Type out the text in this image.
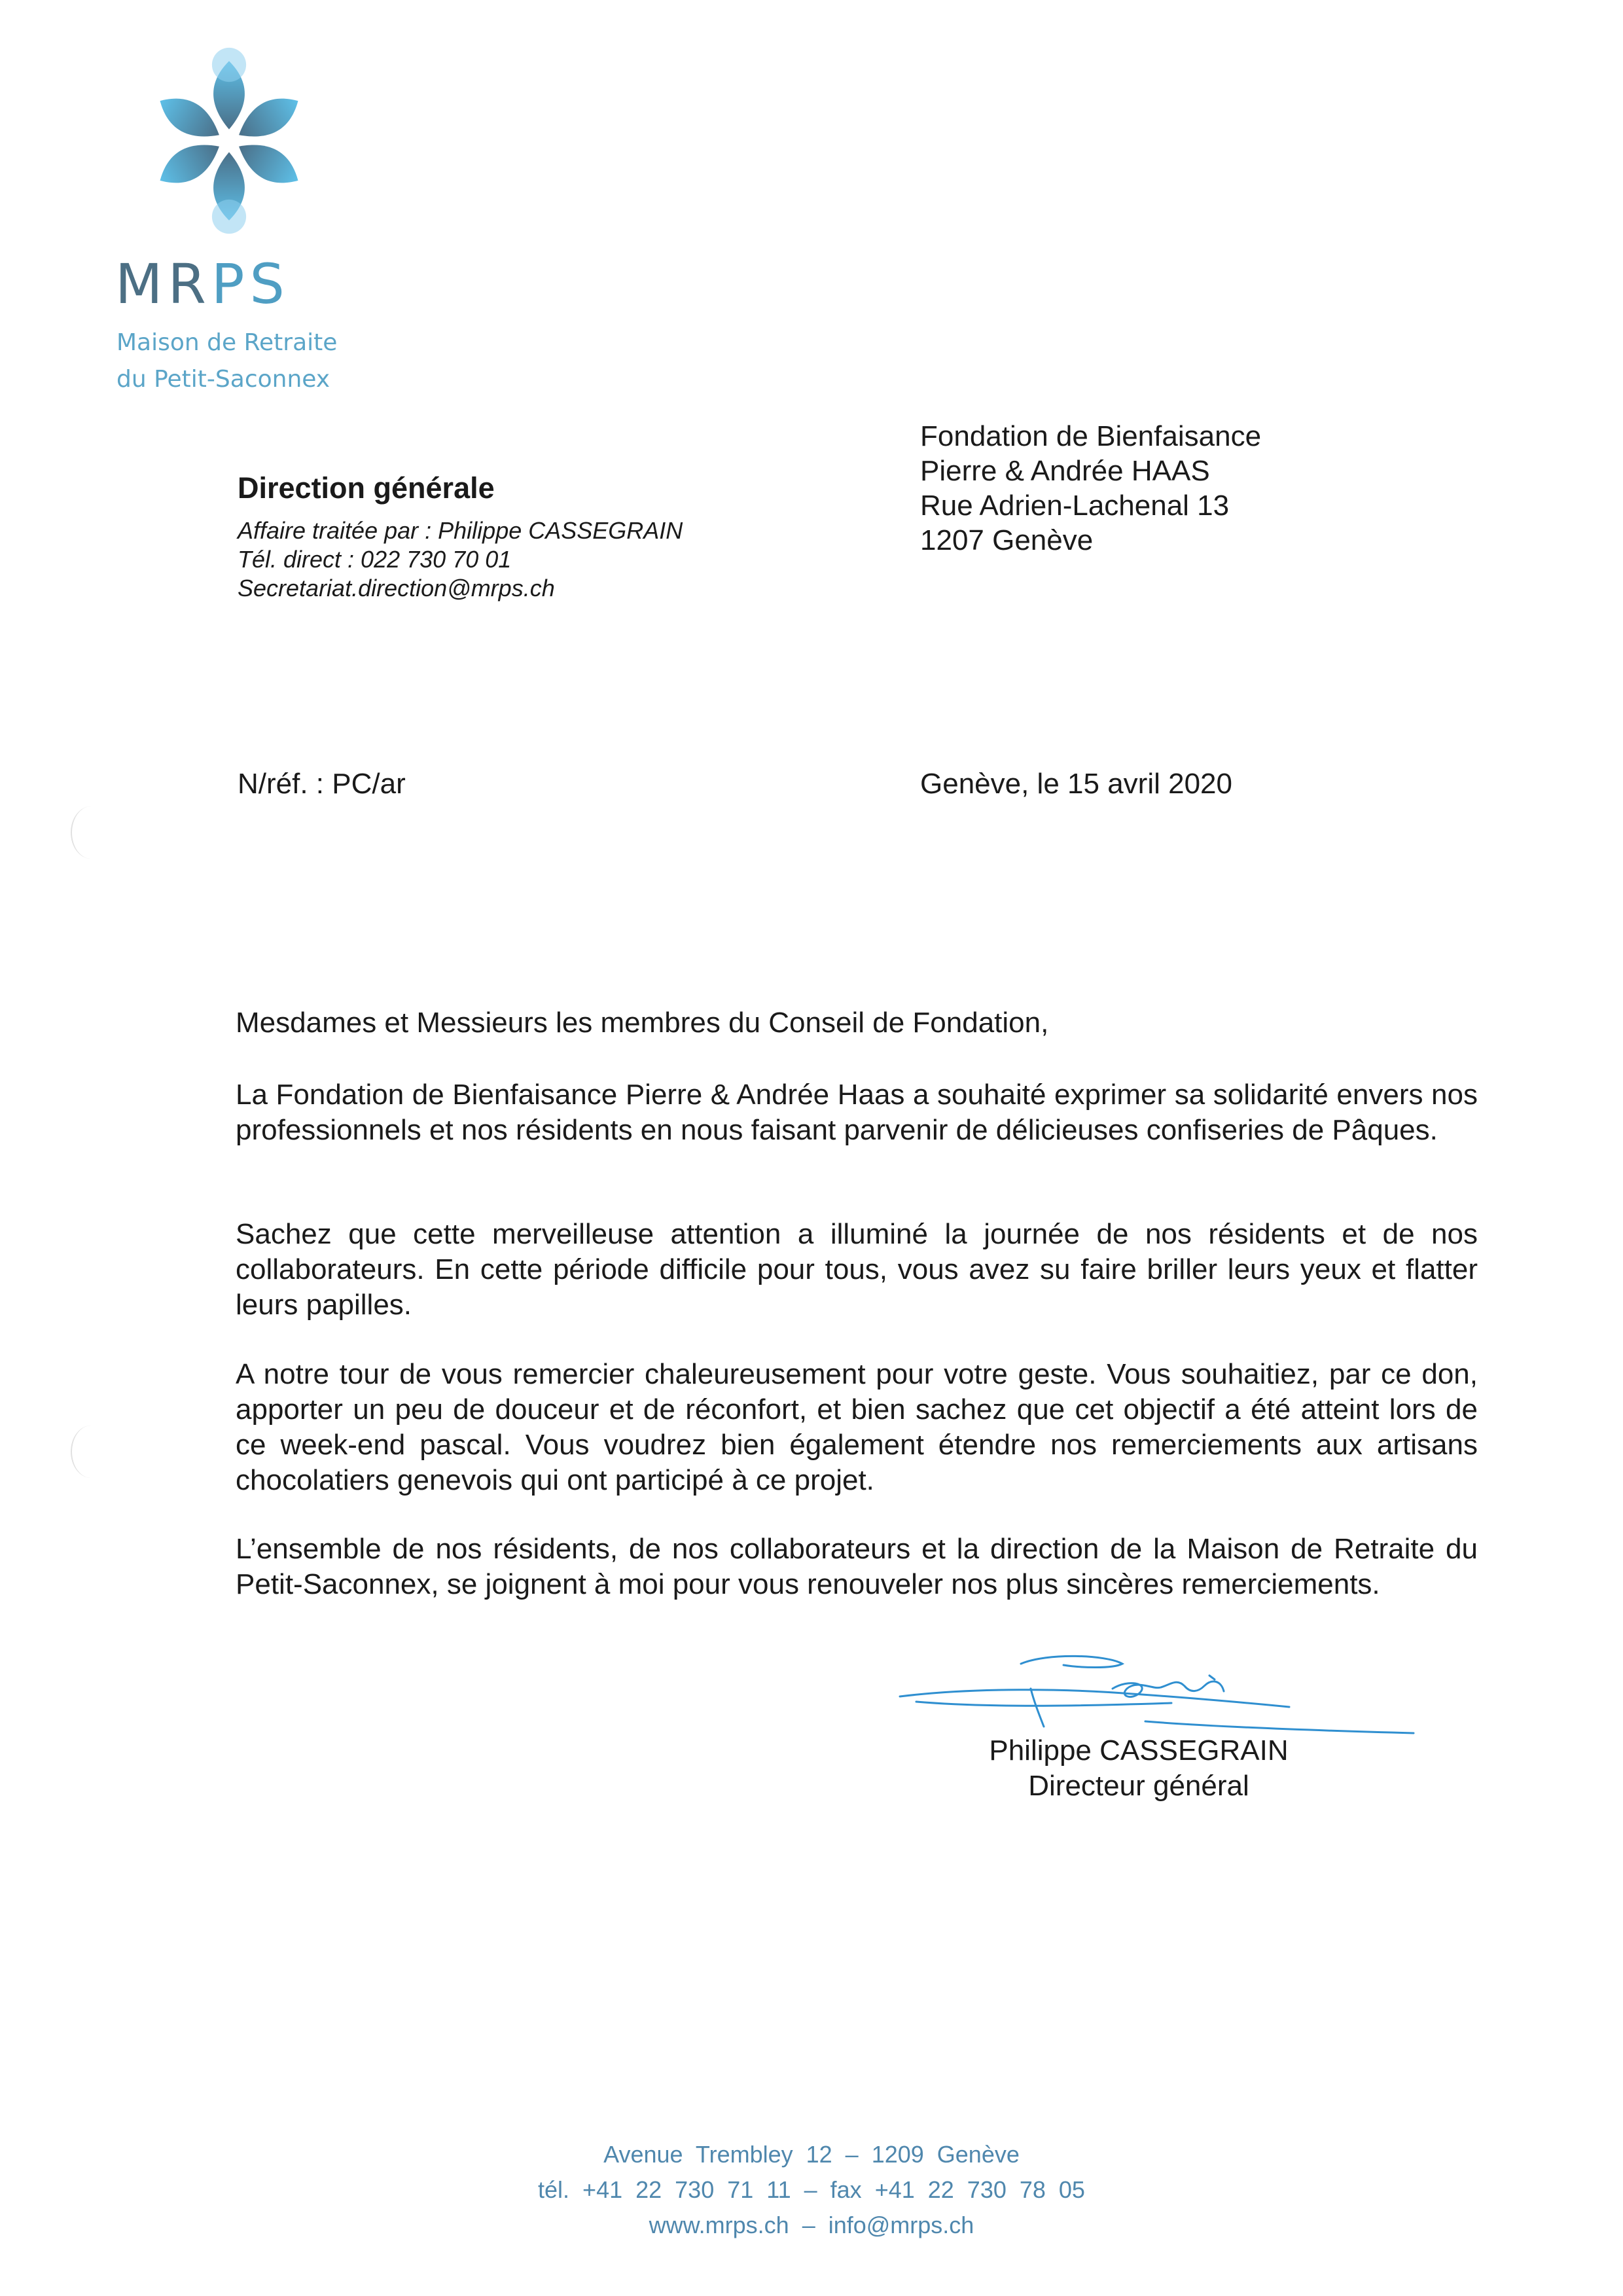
MRPS
Maison de Retraite
du Petit-Saconnex
Direction générale
Affaire traitée par : Philippe CASSEGRAIN
Tél. direct : 022 730 70 01
Secretariat.direction@mrps.ch
Fondation de Bienfaisance
Pierre & Andrée HAAS
Rue Adrien-Lachenal 13
1207 Genève
N/réf. : PC/ar	Genève, le 15 avril 2020
Mesdames et Messieurs les membres du Conseil de Fondation,
La Fondation de Bienfaisance Pierre & Andrée Haas a souhaité exprimer sa solidarité envers nos professionnels et nos résidents en nous faisant parvenir de délicieuses confiseries de Pâques.
Sachez que cette merveilleuse attention a illuminé la journée de nos résidents et de nos collaborateurs. En cette période difficile pour tous, vous avez su faire briller leurs yeux et flatter leurs papilles.
A notre tour de vous remercier chaleureusement pour votre geste. Vous souhaitiez, par ce don, apporter un peu de douceur et de réconfort, et bien sachez que cet objectif a été atteint lors de ce week-end pascal. Vous voudrez bien également étendre nos remerciements aux artisans chocolatiers genevois qui ont participé à ce projet.
L’ensemble de nos résidents, de nos collaborateurs et la direction de la Maison de Retraite du Petit-Saconnex, se joignent à moi pour vous renouveler nos plus sincères remerciements.
Philippe CASSEGRAIN
Directeur général
Avenue Trembley 12 – 1209 Genève
tél. +41 22 730 71 11 – fax +41 22 730 78 05
www.mrps.ch – info@mrps.ch
